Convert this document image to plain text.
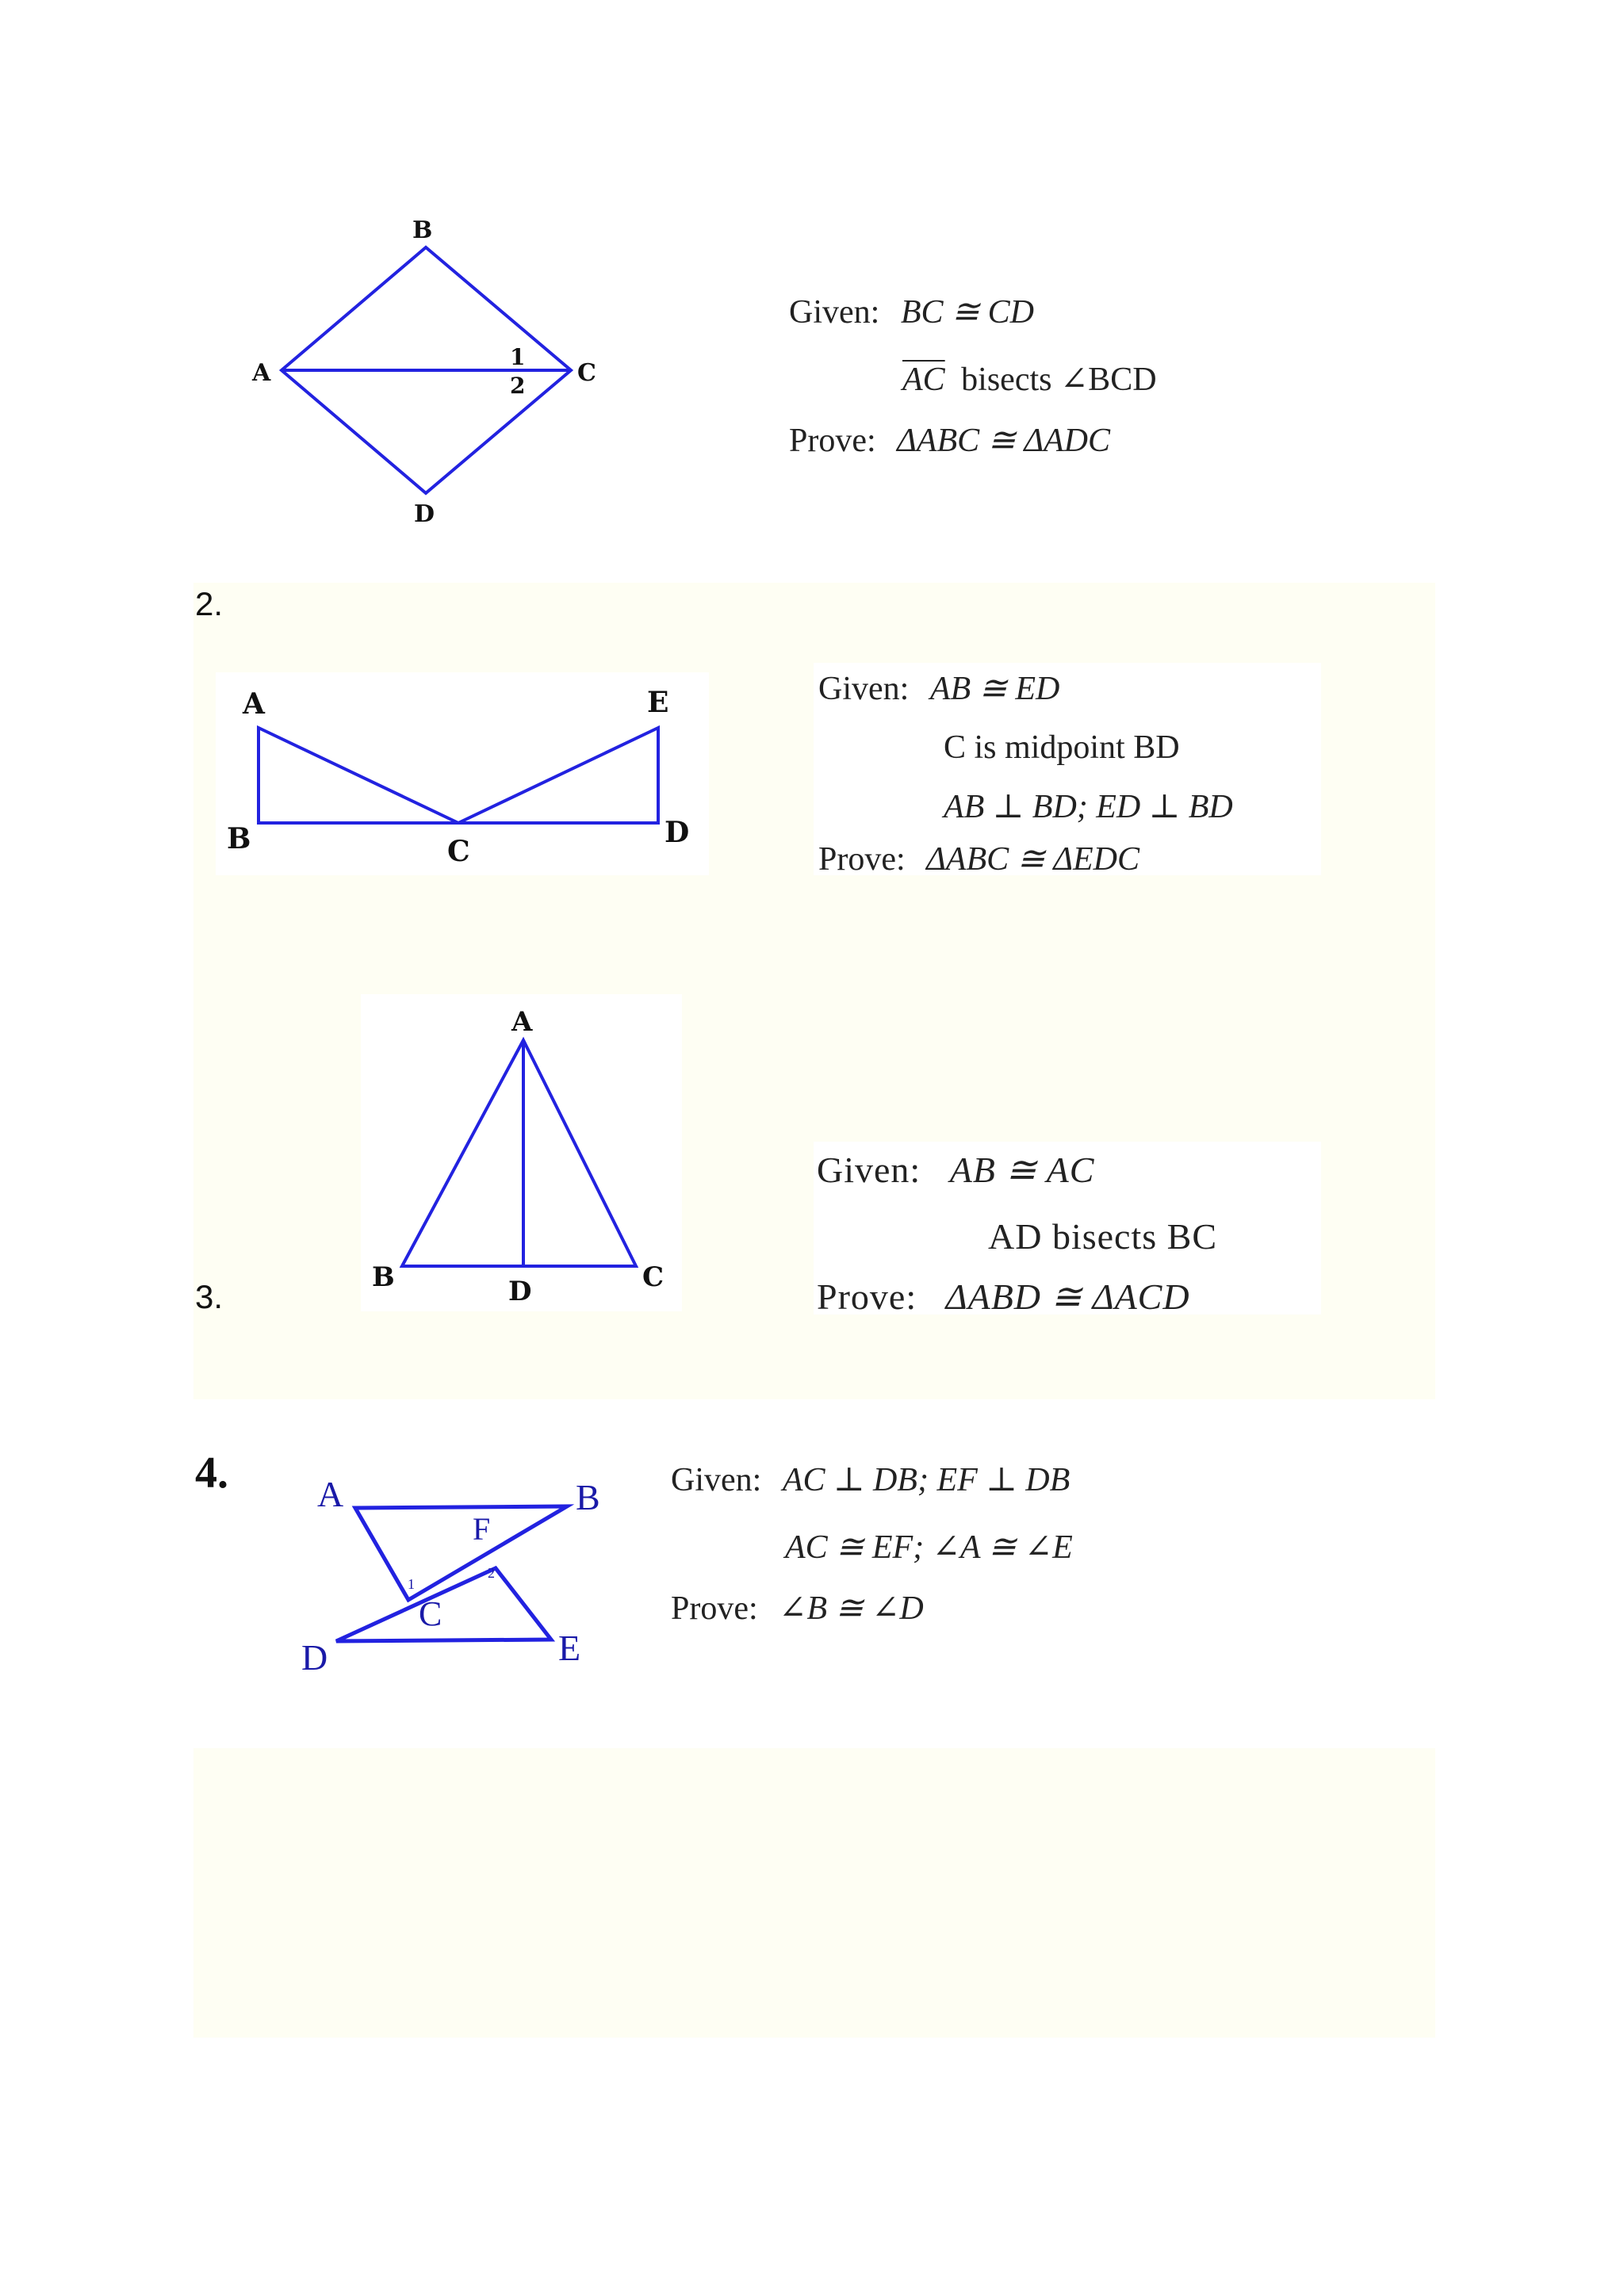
B
A	C
D
1
2
Given: BC ≅ CD
$\overline{AC}$ bisects ∠BCD
Prove: ΔABC ≅ ΔADC
2.
A
B	C
D
E	Given: AB ≅ ED
C is midpoint BD
AB ⊥ BD; ED ⊥ BD
Prove: ΔABC ≅ ΔEDC
3.
A
B	C
D
Given: AB ≅ AC
AD bisects BC
Prove: ΔABD ≅ ΔACD
4. A	B
C
D	E
F
1
2
Given: AC ⊥ DB; EF ⊥ DB
AC ≅ EF; ∠A ≅ ∠E
Prove: ∠B ≅ ∠D
